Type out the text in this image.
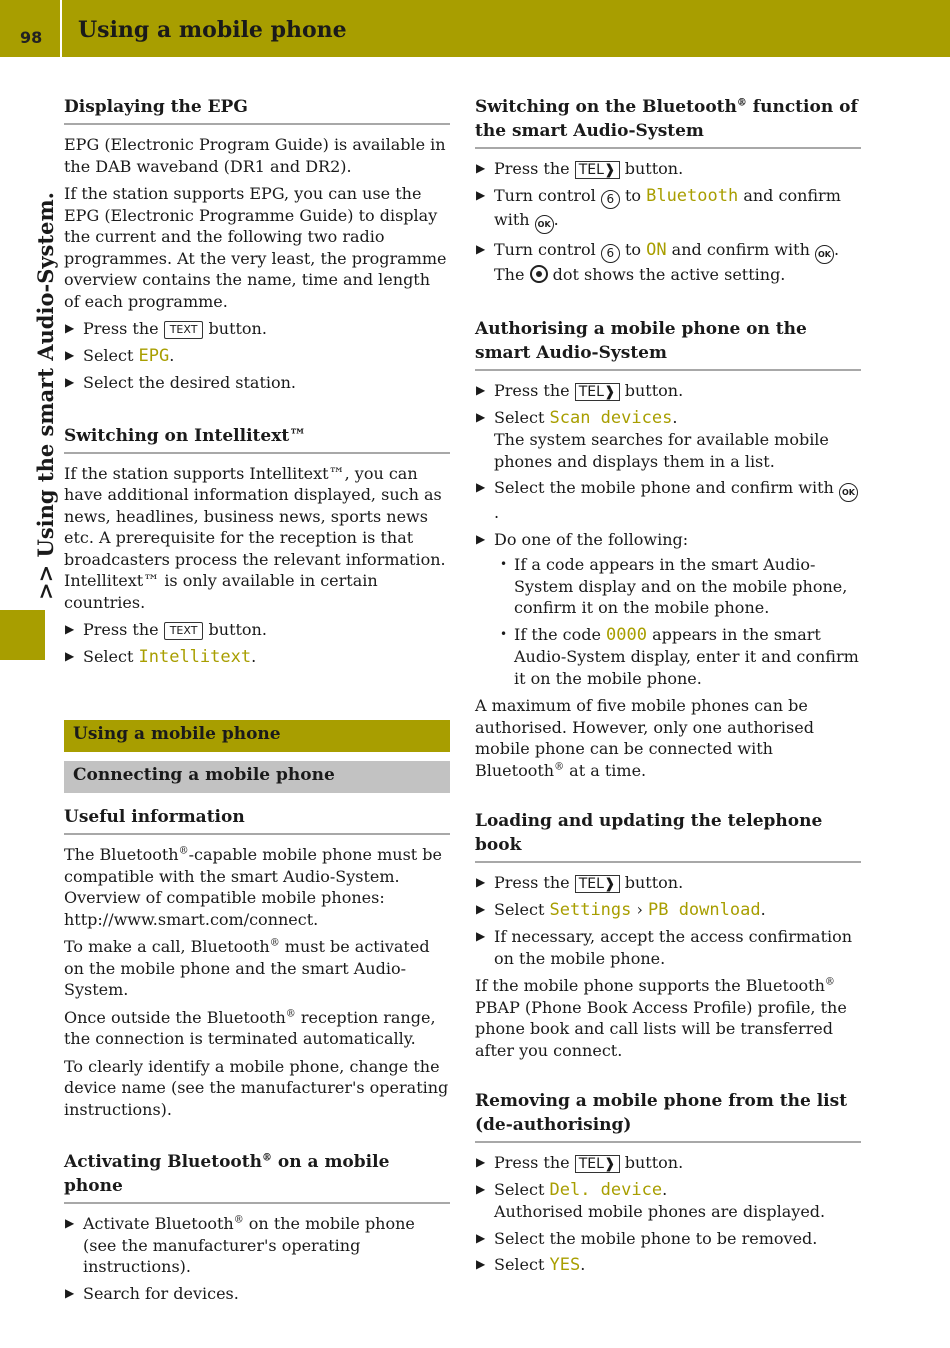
98 Using a mobile phone
>> Using the smart Audio-System.
Displaying the EPG

EPG (Electronic Program Guide) is available in the DAB waveband (DR1 and DR2).

If the station supports EPG, you can use the EPG (Electronic Programme Guide) to display the current and the following two radio programmes. At the very least, the programme overview contains the name, time and length of each programme.

▶ Press the TEXT button.
▶ Select EPG.
▶ Select the desired station.
Switching on Intellitext™

If the station supports Intellitext™, you can have additional information displayed, such as news, headlines, business news, sports news etc. A prerequisite for the reception is that broadcasters process the relevant information. Intellitext™ is only available in certain countries.

▶ Press the TEXT button.
▶ Select Intellitext.
Using a mobile phone
Connecting a mobile phone
Useful information

The Bluetooth®-capable mobile phone must be compatible with the smart Audio-System. Overview of compatible mobile phones: http://www.smart.com/connect.

To make a call, Bluetooth® must be activated on the mobile phone and the smart Audio-System.

Once outside the Bluetooth® reception range, the connection is terminated automatically.

To clearly identify a mobile phone, change the device name (see the manufacturer's operating instructions).

Activating Bluetooth® on a mobile phone
▶ Activate Bluetooth® on the mobile phone (see the manufacturer's operating instructions).
▶ Search for devices.
Switching on the Bluetooth® function of the smart Audio-System
▶ Press the TEL❱ button.
▶ Turn control 6 to Bluetooth and confirm with OK .
▶ Turn control 6 to ON and confirm with OK .
The dot shows the active setting.
Authorising a mobile phone on the smart Audio-System
▶ Press the TEL❱ button.
▶ Select Scan devices.
The system searches for available mobile phones and displays them in a list.
▶ Select the mobile phone and confirm with OK.
▶ Do one of the following:
• If a code appears in the smart Audio-System display and on the mobile phone, confirm it on the mobile phone.
• If the code 0000 appears in the smart Audio-System display, enter it and confirm it on the mobile phone.

A maximum of five mobile phones can be authorised. However, only one authorised mobile phone can be connected with Bluetooth® at a time.

Loading and updating the telephone book
▶ Press the TEL❱ button.
▶ Select Settings › PB download.
▶ If necessary, accept the access confirmation on the mobile phone.

If the mobile phone supports the Bluetooth® PBAP (Phone Book Access Profile) profile, the phone book and call lists will be transferred after you connect.

Removing a mobile phone from the list (de-authorising)
▶ Press the TEL❱ button.
▶ Select Del. device.
Authorised mobile phones are displayed.
▶ Select the mobile phone to be removed.
▶ Select YES.
